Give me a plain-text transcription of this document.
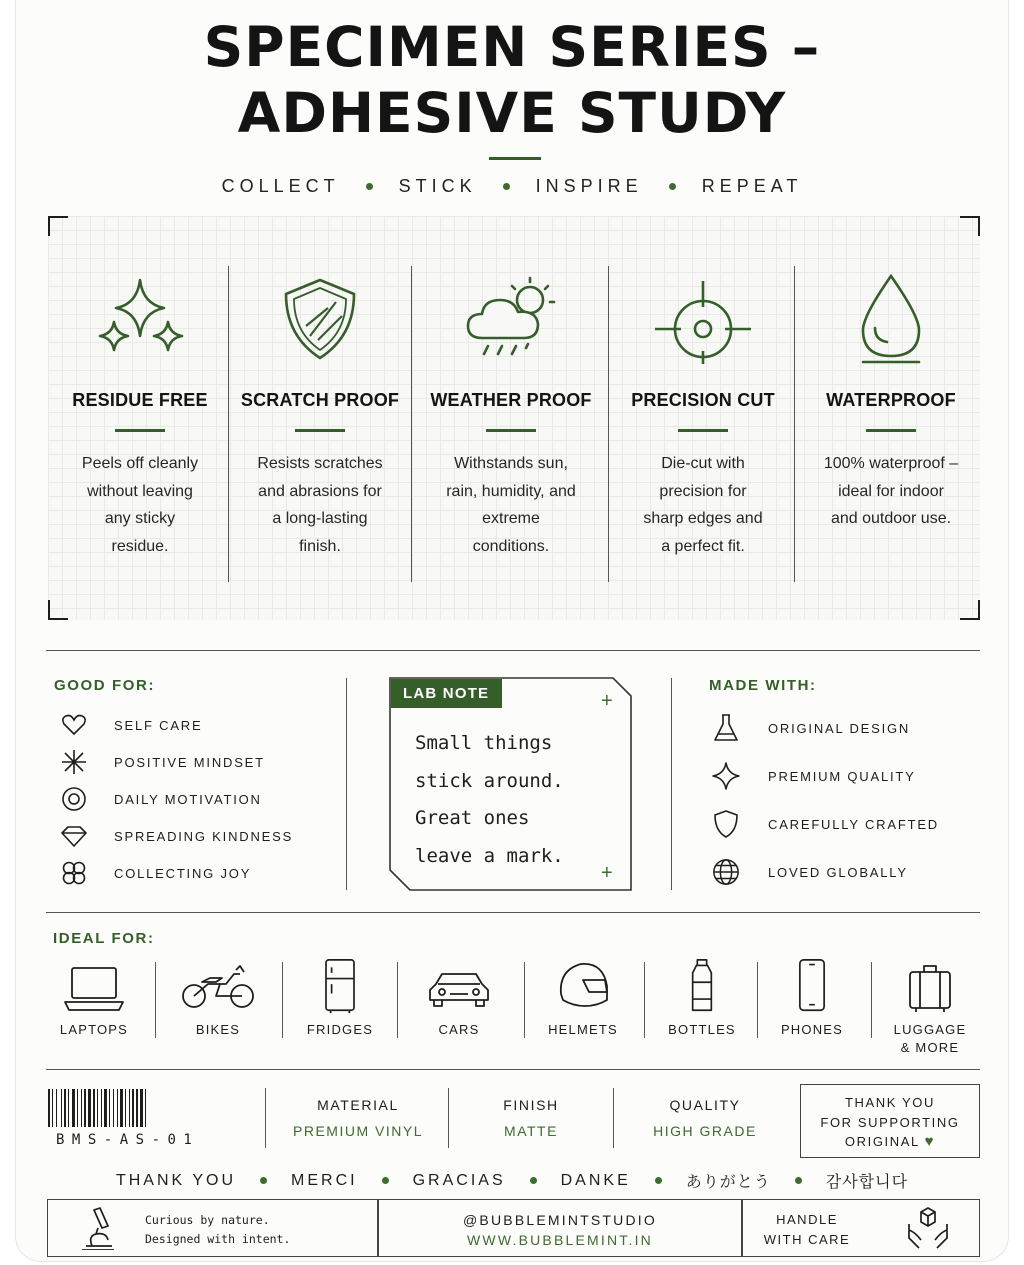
SPECIMEN SERIES –
ADHESIVE STUDY
COLLECT	STICK	INSPIRE	REPEAT
RESIDUE FREE
Peels off cleanly
without leaving
any sticky
residue.
SCRATCH PROOF
Resists scratches
and abrasions for
a long-lasting
finish.
WEATHER PROOF
Withstands sun,
rain, humidity, and
extreme
conditions.
PRECISION CUT
Die-cut with
precision for
sharp edges and
a perfect fit.
WATERPROOF
100% waterproof –
ideal for indoor
and outdoor use.
GOOD FOR:
SELF CARE
POSITIVE MINDSET
DAILY MOTIVATION
SPREADING KINDNESS
COLLECTING JOY
LAB NOTE	+
+
Small things
stick around.
Great ones
leave a mark.
MADE WITH:
ORIGINAL DESIGN
PREMIUM QUALITY
CAREFULLY CRAFTED
LOVED GLOBALLY
IDEAL FOR:
LAPTOPS	BIKES	FRIDGES	CARS	HELMETS	BOTTLES	PHONES	LUGGAGE
& MORE
BMS-AS-01
MATERIAL
PREMIUM VINYL
FINISH
MATTE
QUALITY
HIGH GRADE
THANK YOU
FOR SUPPORTING
ORIGINAL ♥
THANK YOU	MERCI	GRACIAS	DANKE	ありがとう	감사합니다
Curious by nature.
Designed with intent.
@BUBBLEMINTSTUDIO
WWW.BUBBLEMINT.IN
HANDLE
WITH CARE
